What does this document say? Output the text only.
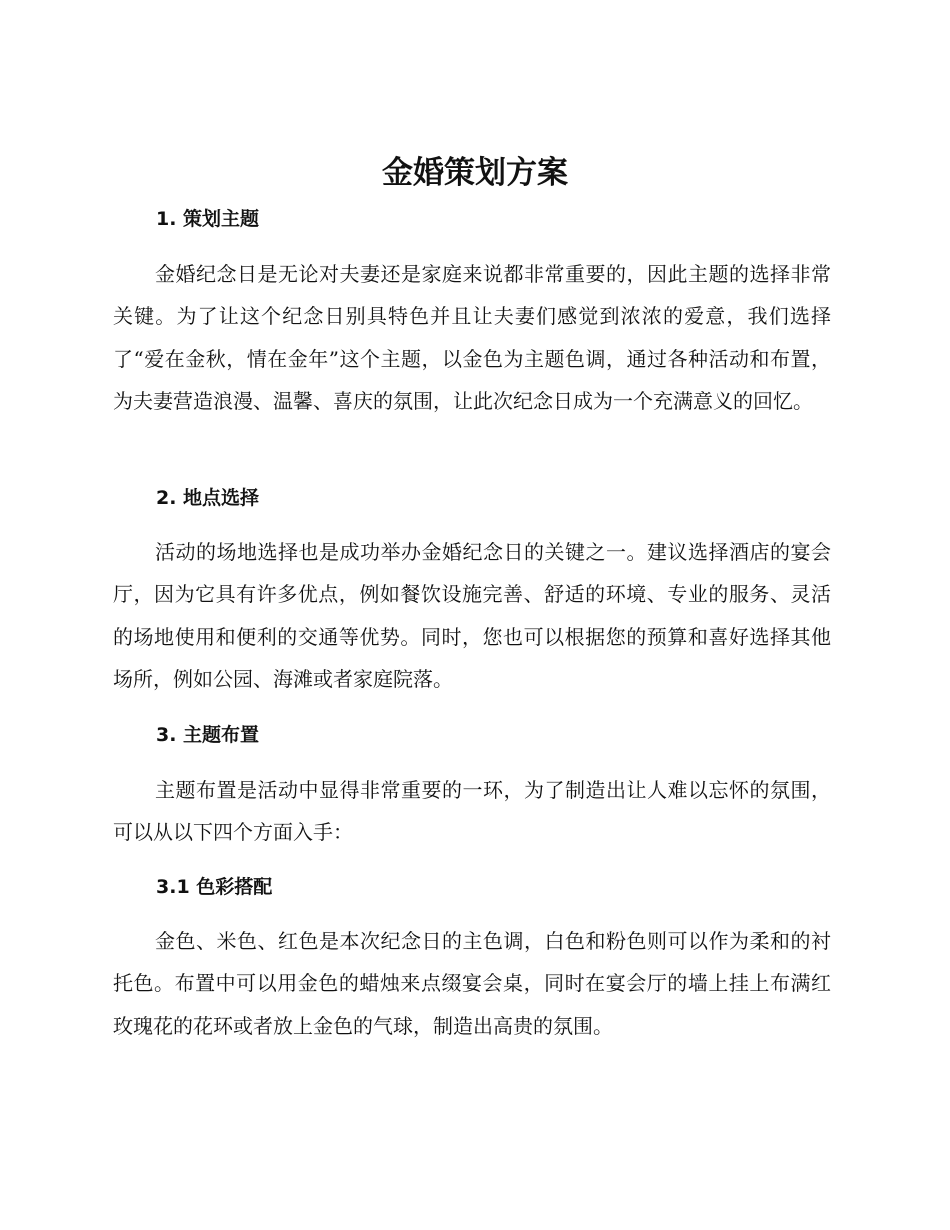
金婚策划方案
1. 策划主题
金婚纪念日是无论对夫妻还是家庭来说都非常重要的，因此主题的选择非常关键。为了让这个纪念日别具特色并且让夫妻们感觉到浓浓的爱意，我们选择了“爱在金秋，情在金年”这个主题，以金色为主题色调，通过各种活动和布置，为夫妻营造浪漫、温馨、喜庆的氛围，让此次纪念日成为一个充满意义的回忆。
2. 地点选择
活动的场地选择也是成功举办金婚纪念日的关键之一。建议选择酒店的宴会厅，因为它具有许多优点，例如餐饮设施完善、舒适的环境、专业的服务、灵活的场地使用和便利的交通等优势。同时，您也可以根据您的预算和喜好选择其他场所，例如公园、海滩或者家庭院落。
3. 主题布置
主题布置是活动中显得非常重要的一环，为了制造出让人难以忘怀的氛围，可以从以下四个方面入手：
3.1 色彩搭配
金色、米色、红色是本次纪念日的主色调，白色和粉色则可以作为柔和的衬托色。布置中可以用金色的蜡烛来点缀宴会桌，同时在宴会厅的墙上挂上布满红玫瑰花的花环或者放上金色的气球，制造出高贵的氛围。
